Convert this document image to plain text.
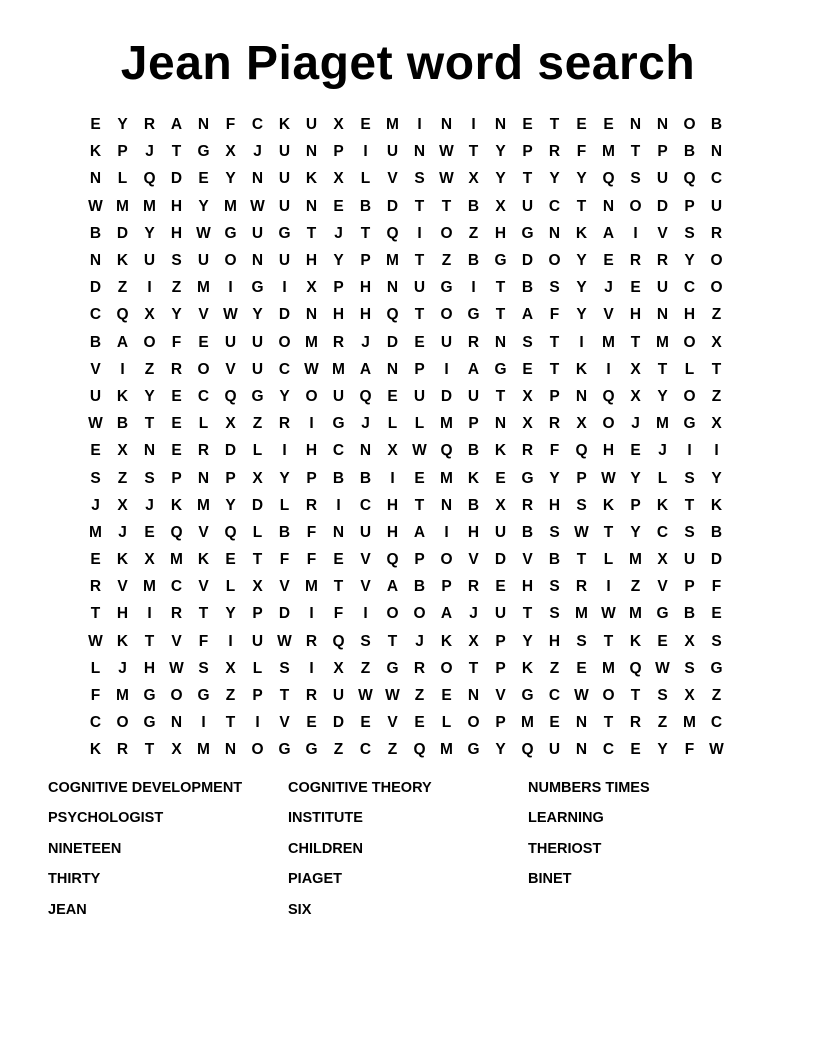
Jean Piaget word search
E	Y	R	A	N	F	C	K	U	X	E M	I	N	I	N	E	T	E	E	N	N O B
K	P	J	T	G	X	J	U	N	P	I	U	N W T	Y	P	R	F	M	T	P	B	N
N	L	Q D	E	Y	N	U	K	X	L	V	S W X	Y	T	Y	Y	Q	S	U Q C
W M M H	Y M W U	N	E	B	D	T	T	B	X	U	C	T	N O D	P	U
B	D	Y	H W G U G	T	J	T	Q	I	O	Z	H G N	K	A	I	V	S	R
N	K	U	S	U O N	U	H	Y	P M	T	Z	B G D O	Y	E	R	R	Y	O
D	Z	I	Z	M	I	G	I	X	P	H	N	U G	I	T	B	S	Y	J	E	U	C O
C Q	X	Y	V W Y	D	N	H	H Q	T	O G	T	A	F	Y	V	H	N	H	Z
B	A O	F	E	U	U O M R	J	D	E	U	R	N	S	T	I	M	T	M O	X
V	I	Z	R O	V	U	C W M A	N	P	I	A G	E	T	K	I	X	T	L	T
U	K	Y	E	C Q G	Y	O U Q	E	U	D	U	T	X	P	N Q	X	Y	O	Z
W B	T	E	L	X	Z	R	I	G	J	L	L	M P	N	X	R	X	O	J	M G	X
E	X	N	E	R	D	L	I	H	C	N	X W Q B	K	R	F	Q H	E	J	I	I
S	Z	S	P	N	P	X	Y	P	B	B	I	E M K	E	G	Y	P W Y	L	S	Y
J	X	J	K M Y	D	L	R	I	C	H	T	N	B	X	R	H	S	K	P	K	T	K
M	J	E	Q	V	Q	L	B	F	N	U	H	A	I	H	U	B	S W T	Y	C	S	B
E	K	X M K	E	T	F	F	E	V	Q	P	O	V	D	V	B	T	L	M X	U	D
R	V M C	V	L	X	V M	T	V	A	B	P	R	E	H	S	R	I	Z	V	P	F
T	H	I	R	T	Y	P	D	I	F	I	O O A	J	U	T	S M W M G B	E
W K	T	V	F	I	U W R Q	S	T	J	K	X	P	Y	H	S	T	K	E	X	S
L	J	H W S	X	L	S	I	X	Z	G R O	T	P	K	Z	E M Q W S	G
F	M G O G	Z	P	T	R	U W W Z	E	N	V	G C W O	T	S	X	Z
C O G N	I	T	I	V	E	D	E	V	E	L	O	P M E	N	T	R	Z	M C
K	R	T	X M N O G G	Z	C	Z	Q M G	Y	Q U	N	C	E	Y	F W
COGNITIVE DEVELOPMENT	COGNITIVE THEORY	NUMBERS TIMES
PSYCHOLOGIST	INSTITUTE	LEARNING
NINETEEN	CHILDREN	THERIOST
THIRTY	PIAGET	BINET
JEAN	SIX
